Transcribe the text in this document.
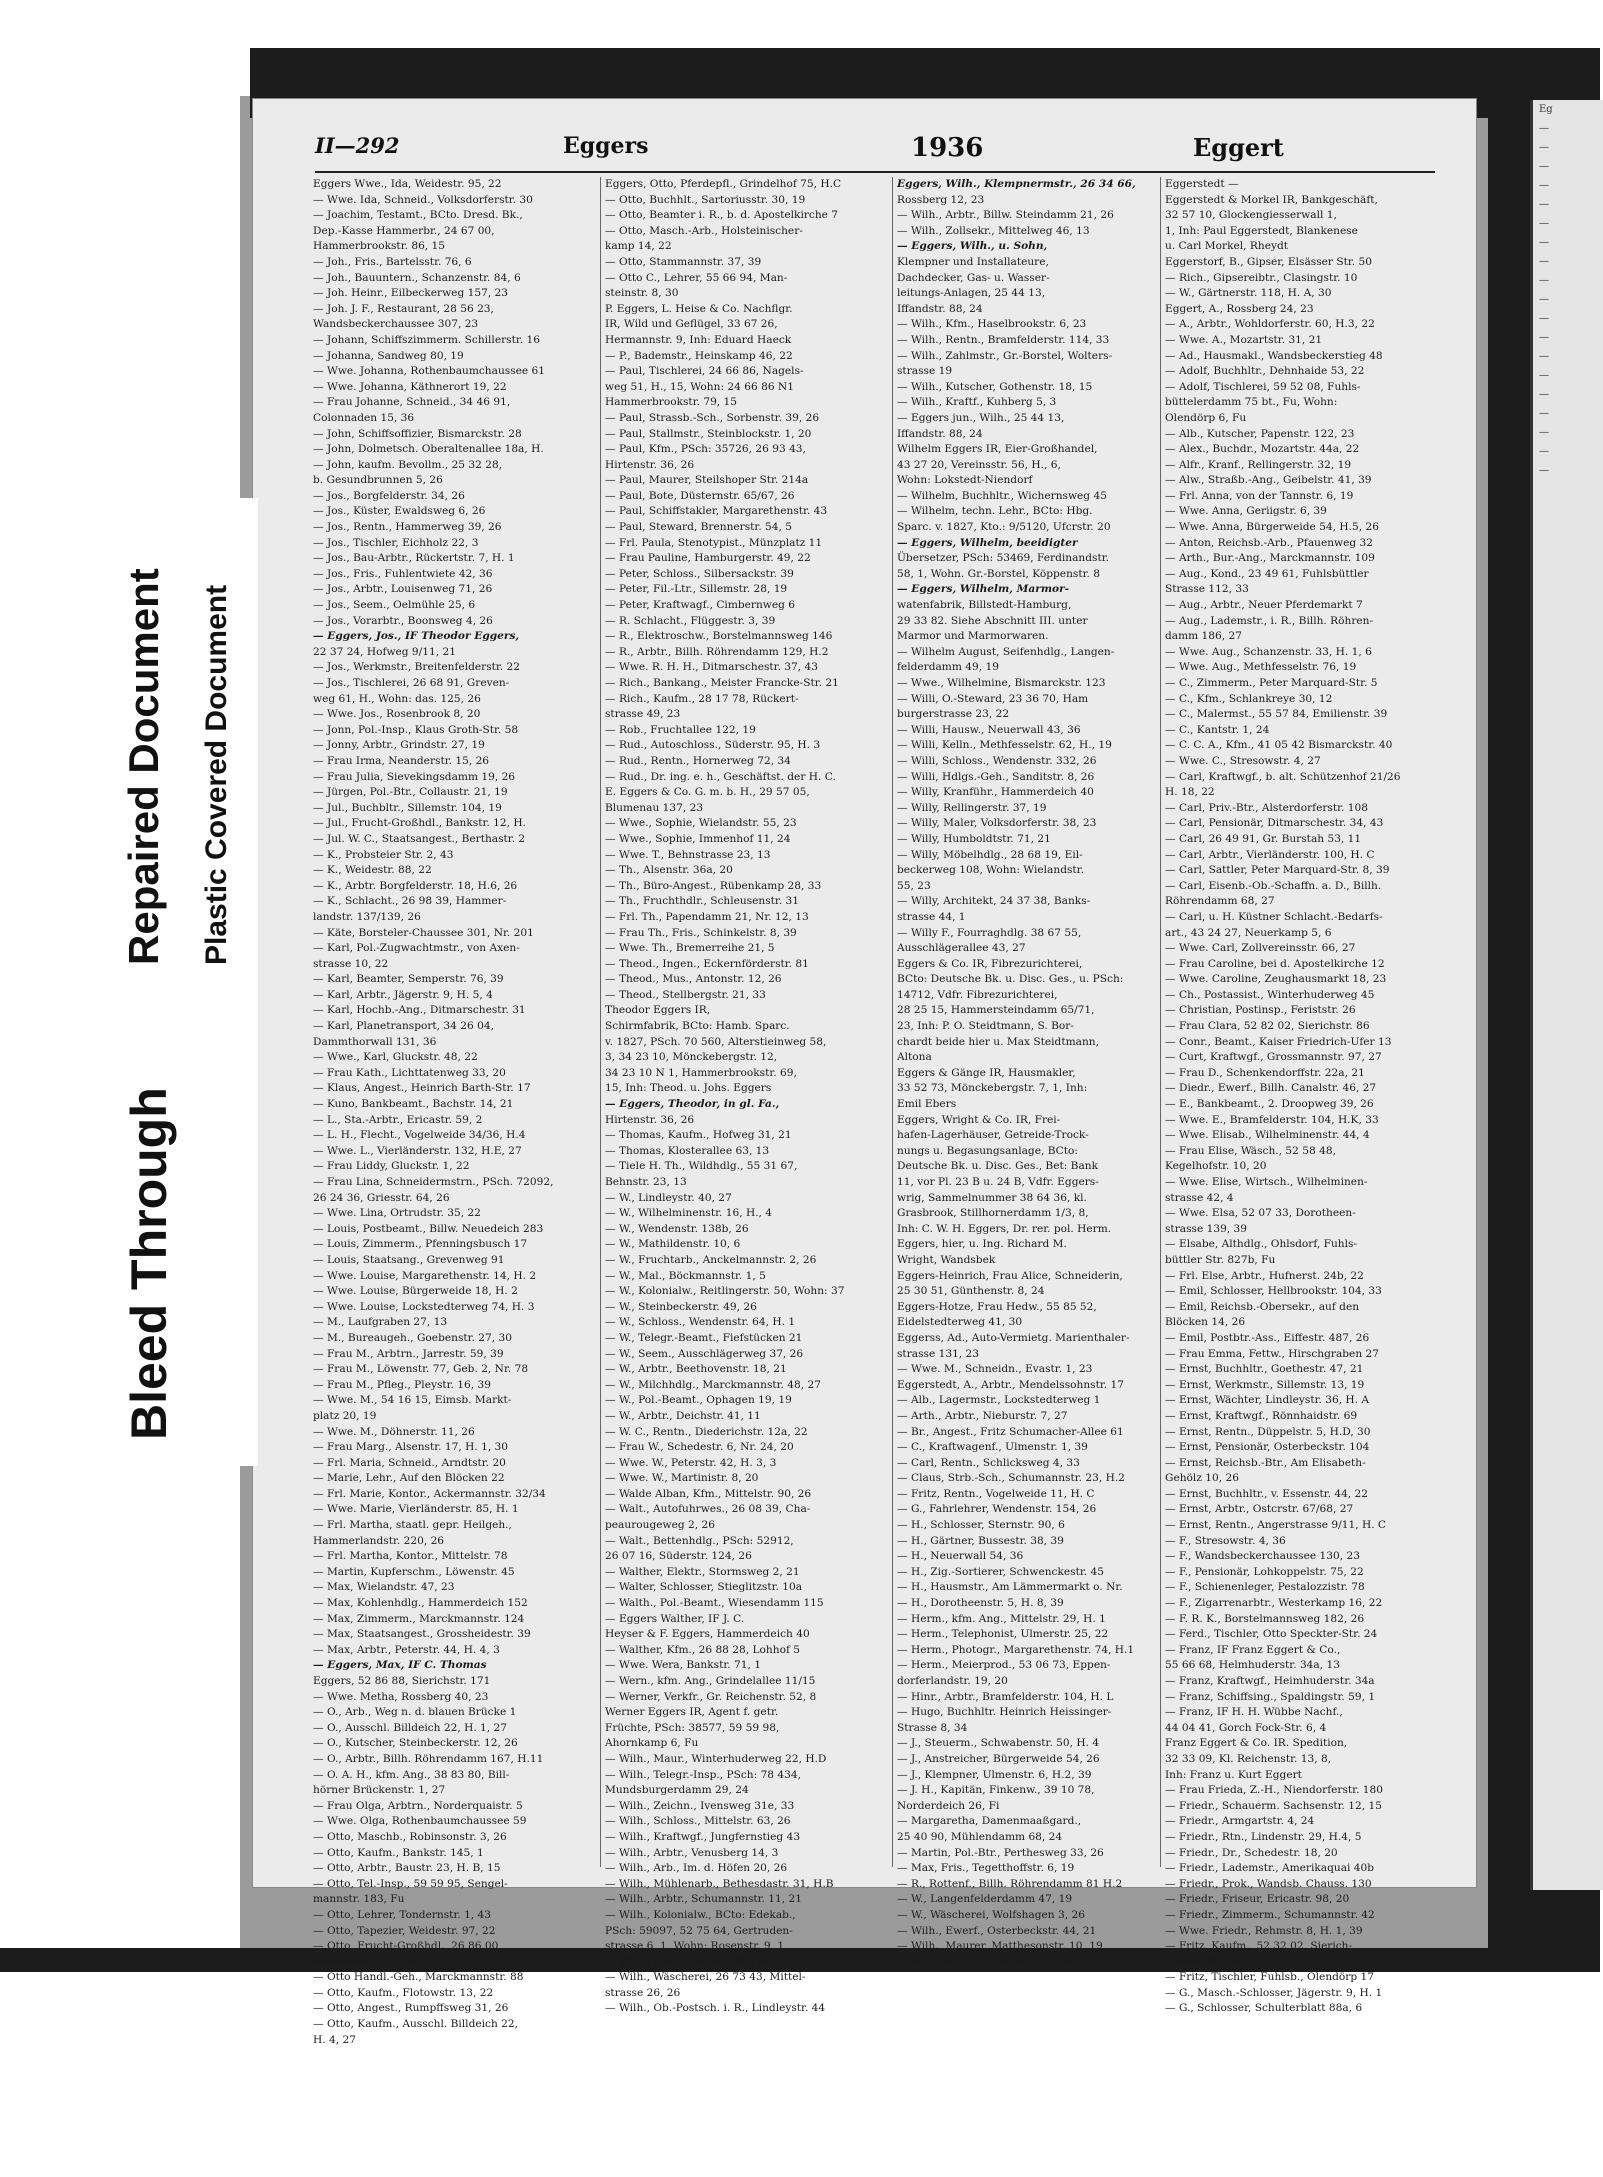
Eg
—
—
—
—
—
—
—
—
—
—
—
—
—
—
—
—
—
—
—
II—292	Eggers	1936	Eggert
Eggers Wwe., Ida, Weidestr. 95, 22
— Wwe. Ida, Schneid., Volksdorferstr. 30
— Joachim, Testamt., BCto. Dresd. Bk.,
Dep.-Kasse Hammerbr., 24 67 00,
Hammerbrookstr. 86, 15
— Joh., Fris., Bartelsstr. 76, 6
— Joh., Bauuntern., Schanzenstr. 84, 6
— Joh. Heinr., Eilbeckerweg 157, 23
— Joh. J. F., Restaurant, 28 56 23,
Wandsbeckerchaussee 307, 23
— Johann, Schiffszimmerm. Schillerstr. 16
— Johanna, Sandweg 80, 19
— Wwe. Johanna, Rothenbaumchaussee 61
— Wwe. Johanna, Käthnerort 19, 22
— Frau Johanne, Schneid., 34 46 91,
Colonnaden 15, 36
— John, Schiffsoffizier, Bismarckstr. 28
— John, Dolmetsch. Oberaltenallee 18a, H.
— John, kaufm. Bevollm., 25 32 28,
b. Gesundbrunnen 5, 26
— Jos., Borgfelderstr. 34, 26
— Jos., Küster, Ewaldsweg 6, 26
— Jos., Rentn., Hammerweg 39, 26
— Jos., Tischler, Eichholz 22, 3
— Jos., Bau-Arbtr., Rückertstr. 7, H. 1
— Jos., Fris., Fuhlentwiete 42, 36
— Jos., Arbtr., Louisenweg 71, 26
— Jos., Seem., Oelmühle 25, 6
— Jos., Vorarbtr., Boonsweg 4, 26
— Eggers, Jos., IF Theodor Eggers,
22 37 24, Hofweg 9/11, 21
— Jos., Werkmstr., Breitenfelderstr. 22
— Jos., Tischlerei, 26 68 91, Greven-
weg 61, H., Wohn: das. 125, 26
— Wwe. Jos., Rosenbrook 8, 20
— Jonn, Pol.-Insp., Klaus Groth-Str. 58
— Jonny, Arbtr., Grindstr. 27, 19
— Frau Irma, Neanderstr. 15, 26
— Frau Julia, Sievekingsdamm 19, 26
— Jürgen, Pol.-Btr., Collaustr. 21, 19
— Jul., Buchbltr., Sillemstr. 104, 19
— Jul., Frucht-Großhdl., Bankstr. 12, H.
— Jul. W. C., Staatsangest., Berthastr. 2
— K., Probsteier Str. 2, 43
— K., Weidestr. 88, 22
— K., Arbtr. Borgfelderstr. 18, H.6, 26
— K., Schlacht., 26 98 39, Hammer-
landstr. 137/139, 26
— Käte, Borsteler-Chaussee 301, Nr. 201
— Karl, Pol.-Zugwachtmstr., von Axen-
strasse 10, 22
— Karl, Beamter, Semperstr. 76, 39
— Karl, Arbtr., Jägerstr. 9, H. 5, 4
— Karl, Hochb.-Ang., Ditmarschestr. 31
— Karl, Planetransport, 34 26 04,
Dammthorwall 131, 36
— Wwe., Karl, Gluckstr. 48, 22
— Frau Kath., Lichttatenweg 33, 20
— Klaus, Angest., Heinrich Barth-Str. 17
— Kuno, Bankbeamt., Bachstr. 14, 21
— L., Sta.-Arbtr., Ericastr. 59, 2
— L. H., Flecht., Vogelweide 34/36, H.4
— Wwe. L., Vierländerstr. 132, H.E, 27
— Frau Liddy, Gluckstr. 1, 22
— Frau Lina, Schneidermstrn., PSch. 72092,
26 24 36, Griesstr. 64, 26
— Wwe. Lina, Ortrudstr. 35, 22
— Louis, Postbeamt., Billw. Neuedeich 283
— Louis, Zimmerm., Pfenningsbusch 17
— Louis, Staatsang., Grevenweg 91
— Wwe. Louise, Margarethenstr. 14, H. 2
— Wwe. Louise, Bürgerweide 18, H. 2
— Wwe. Louise, Lockstedterweg 74, H. 3
— M., Laufgraben 27, 13
— M., Bureaugeh., Goebenstr. 27, 30
— Frau M., Arbtrn., Jarrestr. 59, 39
— Frau M., Löwenstr. 77, Geb. 2, Nr. 78
— Frau M., Pfleg., Pleystr. 16, 39
— Wwe. M., 54 16 15, Eimsb. Markt-
platz 20, 19
— Wwe. M., Döhnerstr. 11, 26
— Frau Marg., Alsenstr. 17, H. 1, 30
— Frl. Maria, Schneid., Arndtstr. 20
— Marie, Lehr., Auf den Blöcken 22
— Frl. Marie, Kontor., Ackermannstr. 32/34
— Wwe. Marie, Vierländerstr. 85, H. 1
— Frl. Martha, staatl. gepr. Heilgeh.,
Hammerlandstr. 220, 26
— Frl. Martha, Kontor., Mittelstr. 78
— Martin, Kupferschm., Löwenstr. 45
— Max, Wielandstr. 47, 23
— Max, Kohlenhdlg., Hammerdeich 152
— Max, Zimmerm., Marckmannstr. 124
— Max, Staatsangest., Grossheidestr. 39
— Max, Arbtr., Peterstr. 44, H. 4, 3
— Eggers, Max, IF C. Thomas
Eggers, 52 86 88, Sierichstr. 171
— Wwe. Metha, Rossberg 40, 23
— O., Arb., Weg n. d. blauen Brücke 1
— O., Ausschl. Billdeich 22, H. 1, 27
— O., Kutscher, Steinbeckerstr. 12, 26
— O., Arbtr., Billh. Röhrendamm 167, H.11
— O. A. H., kfm. Ang., 38 83 80, Bill-
hörner Brückenstr. 1, 27
— Frau Olga, Arbtrn., Norderquaistr. 5
— Wwe. Olga, Rothenbaumchaussee 59
— Otto, Maschb., Robinsonstr. 3, 26
— Otto, Kaufm., Bankstr. 145, 1
— Otto, Arbtr., Baustr. 23, H. B, 15
— Otto, Tel.-Insp., 59 59 95, Sengel-
mannstr. 183, Fu
— Otto, Lehrer, Tondernstr. 1, 43
— Otto, Tapezier, Weidestr. 97, 22
— Otto, Frucht-Großhdl., 26 86 00,
Wendenstr. 221, 26
— Otto Handl.-Geh., Marckmannstr. 88
— Otto, Kaufm., Flotowstr. 13, 22
— Otto, Angest., Rumpffsweg 31, 26
— Otto, Kaufm., Ausschl. Billdeich 22,
H. 4, 27
Eggers, Otto, Pferdepfl., Grindelhof 75, H.C
— Otto, Buchhlt., Sartoriusstr. 30, 19
— Otto, Beamter i. R., b. d. Apostelkirche 7
— Otto, Masch.-Arb., Holsteinischer-
kamp 14, 22
— Otto, Stammannstr. 37, 39
— Otto C., Lehrer, 55 66 94, Man-
steinstr. 8, 30
P. Eggers, L. Heise & Co. Nachflgr.
IR, Wild und Geflügel, 33 67 26,
Hermannstr. 9, Inh: Eduard Haeck
— P., Bademstr., Heinskamp 46, 22
— Paul, Tischlerei, 24 66 86, Nagels-
weg 51, H., 15, Wohn: 24 66 86 N1
Hammerbrookstr. 79, 15
— Paul, Strassb.-Sch., Sorbenstr. 39, 26
— Paul, Stallmstr., Steinblockstr. 1, 20
— Paul, Kfm., PSch: 35726, 26 93 43,
Hirtenstr. 36, 26
— Paul, Maurer, Steilshoper Str. 214a
— Paul, Bote, Düsternstr. 65/67, 26
— Paul, Schiffstakler, Margarethenstr. 43
— Paul, Steward, Brennerstr. 54, 5
— Frl. Paula, Stenotypist., Münzplatz 11
— Frau Pauline, Hamburgerstr. 49, 22
— Peter, Schloss., Silbersackstr. 39
— Peter, Fil.-Ltr., Sillemstr. 28, 19
— Peter, Kraftwagf., Cimbernweg 6
— R. Schlacht., Flüggestr. 3, 39
— R., Elektroschw., Borstelmannsweg 146
— R., Arbtr., Billh. Röhrendamm 129, H.2
— Wwe. R. H. H., Ditmarschestr. 37, 43
— Rich., Bankang., Meister Francke-Str. 21
— Rich., Kaufm., 28 17 78, Rückert-
strasse 49, 23
— Rob., Fruchtallee 122, 19
— Rud., Autoschloss., Süderstr. 95, H. 3
— Rud., Rentn., Hornerweg 72, 34
— Rud., Dr. ing. e. h., Geschäftst. der H. C.
E. Eggers & Co. G. m. b. H., 29 57 05,
Blumenau 137, 23
— Wwe., Sophie, Wielandstr. 55, 23
— Wwe., Sophie, Immenhof 11, 24
— Wwe. T., Behnstrasse 23, 13
— Th., Alsenstr. 36a, 20
— Th., Büro-Angest., Rübenkamp 28, 33
— Th., Fruchthdlr., Schleusenstr. 31
— Frl. Th., Papendamm 21, Nr. 12, 13
— Frau Th., Fris., Schinkelstr. 8, 39
— Wwe. Th., Bremerreihe 21, 5
— Theod., Ingen., Eckernförderstr. 81
— Theod., Mus., Antonstr. 12, 26
— Theod., Stellbergstr. 21, 33
Theodor Eggers IR,
Schirmfabrik, BCto: Hamb. Sparc.
v. 1827, PSch. 70 560, Alterstieinweg 58,
3, 34 23 10, Mönckebergstr. 12,
34 23 10 N 1, Hammerbrookstr. 69,
15, Inh: Theod. u. Johs. Eggers
— Eggers, Theodor, in gl. Fa.,
Hirtenstr. 36, 26
— Thomas, Kaufm., Hofweg 31, 21
— Thomas, Klosterallee 63, 13
— Tiele H. Th., Wildhdlg., 55 31 67,
Behnstr. 23, 13
— W., Lindleystr. 40, 27
— W., Wilhelminenstr. 16, H., 4
— W., Wendenstr. 138b, 26
— W., Mathildenstr. 10, 6
— W., Fruchtarb., Anckelmannstr. 2, 26
— W., Mal., Böckmannstr. 1, 5
— W., Kolonialw., Reitlingerstr. 50, Wohn: 37
— W., Steinbeckerstr. 49, 26
— W., Schloss., Wendenstr. 64, H. 1
— W., Telegr.-Beamt., Fiefstücken 21
— W., Seem., Ausschlägerweg 37, 26
— W., Arbtr., Beethovenstr. 18, 21
— W., Milchhdlg., Marckmannstr. 48, 27
— W., Pol.-Beamt., Ophagen 19, 19
— W., Arbtr., Deichstr. 41, 11
— W. C., Rentn., Diederichstr. 12a, 22
— Frau W., Schedestr. 6, Nr. 24, 20
— Wwe. W., Peterstr. 42, H. 3, 3
— Wwe. W., Martinistr. 8, 20
— Walde Alban, Kfm., Mittelstr. 90, 26
— Walt., Autofuhrwes., 26 08 39, Cha-
peaurougeweg 2, 26
— Walt., Bettenhdlg., PSch: 52912,
26 07 16, Süderstr. 124, 26
— Walther, Elektr., Stormsweg 2, 21
— Walter, Schlosser, Stieglitzstr. 10a
— Walth., Pol.-Beamt., Wiesendamm 115
— Eggers Walther, IF J. C.
Heyser & F. Eggers, Hammerdeich 40
— Walther, Kfm., 26 88 28, Lohhof 5
— Wwe. Wera, Bankstr. 71, 1
— Wern., kfm. Ang., Grindelallee 11/15
— Werner, Verkfr., Gr. Reichenstr. 52, 8
Werner Eggers IR, Agent f. getr.
Früchte, PSch: 38577, 59 59 98,
Ahornkamp 6, Fu
— Wilh., Maur., Winterhuderweg 22, H.D
— Wilh., Telegr.-Insp., PSch: 78 434,
Mundsburgerdamm 29, 24
— Wilh., Zeichn., Ivensweg 31e, 33
— Wilh., Schloss., Mittelstr. 63, 26
— Wilh., Kraftwgf., Jungfernstieg 43
— Wilh., Arbtr., Venusberg 14, 3
— Wilh., Arb., Im. d. Höfen 20, 26
— Wilh., Mühlenarb., Bethesdastr. 31, H.B
— Wilh., Arbtr., Schumannstr. 11, 21
— Wilh., Kolonialw., BCto: Edekab.,
PSch: 59097, 52 75 64, Gertruden-
strasse 6, 1, Wohn: Rosenstr. 9, 1
— Wilh., Postbtr.-Arbtr., Düppelstr. 27
— Wilh., Wäscherei, 26 73 43, Mittel-
strasse 26, 26
— Wilh., Ob.-Postsch. i. R., Lindleystr. 44
Eggers, Wilh., Klempnermstr., 26 34 66,
Rossberg 12, 23
— Wilh., Arbtr., Billw. Steindamm 21, 26
— Wilh., Zollsekr., Mittelweg 46, 13
— Eggers, Wilh., u. Sohn,
Klempner und Installateure,
Dachdecker, Gas- u. Wasser-
leitungs-Anlagen, 25 44 13,
Iffandstr. 88, 24
— Wilh., Kfm., Haselbrookstr. 6, 23
— Wilh., Rentn., Bramfelderstr. 114, 33
— Wilh., Zahlmstr., Gr.-Borstel, Wolters-
strasse 19
— Wilh., Kutscher, Gothenstr. 18, 15
— Wilh., Kraftf., Kuhberg 5, 3
— Eggers jun., Wilh., 25 44 13,
Iffandstr. 88, 24
Wilhelm Eggers IR, Eier-Großhandel,
43 27 20, Vereinsstr. 56, H., 6,
Wohn: Lokstedt-Niendorf
— Wilhelm, Buchhltr., Wichernsweg 45
— Wilhelm, techn. Lehr., BCto: Hbg.
Sparc. v. 1827, Kto.: 9/5120, Ufcrstr. 20
— Eggers, Wilhelm, beeidigter
Übersetzer, PSch: 53469, Ferdinandstr.
58, 1, Wohn. Gr.-Borstel, Köppenstr. 8
— Eggers, Wilhelm, Marmor-
watenfabrik, Billstedt-Hamburg,
29 33 82. Siehe Abschnitt III. unter
Marmor und Marmorwaren.
— Wilhelm August, Seifenhdlg., Langen-
felderdamm 49, 19
— Wwe., Wilhelmine, Bismarckstr. 123
— Willi, O.-Steward, 23 36 70, Ham
burgerstrasse 23, 22
— Willi, Hausw., Neuerwall 43, 36
— Willi, Kelln., Methfesselstr. 62, H., 19
— Willi, Schloss., Wendenstr. 332, 26
— Willi, Hdlgs.-Geh., Sanditstr. 8, 26
— Willy, Kranführ., Hammerdeich 40
— Willy, Rellingerstr. 37, 19
— Willy, Maler, Volksdorferstr. 38, 23
— Willy, Humboldtstr. 71, 21
— Willy, Möbelhdlg., 28 68 19, Eil-
beckerweg 108, Wohn: Wielandstr.
55, 23
— Willy, Architekt, 24 37 38, Banks-
strasse 44, 1
— Willy F., Fourraghdlg. 38 67 55,
Ausschlägerallee 43, 27
Eggers & Co. IR, Fibrezurichterei,
BCto: Deutsche Bk. u. Disc. Ges., u. PSch:
14712, Vdfr. Fibrezurichterei,
28 25 15, Hammersteindamm 65/71,
23, Inh: P. O. Steidtmann, S. Bor-
chardt beide hier u. Max Steidtmann,
Altona
Eggers & Gänge IR, Hausmakler,
33 52 73, Mönckebergstr. 7, 1, Inh:
Emil Ebers
Eggers, Wright & Co. IR, Frei-
hafen-Lagerhäuser, Getreide-Trock-
nungs u. Begasungsanlage, BCto:
Deutsche Bk. u. Disc. Ges., Bet: Bank
11, vor Pl. 23 B u. 24 B, Vdfr. Eggers-
wrig, Sammelnummer 38 64 36, kl.
Grasbrook, Stillhornerdamm 1/3, 8,
Inh: C. W. H. Eggers, Dr. rer. pol. Herm.
Eggers, hier, u. Ing. Richard M.
Wright, Wandsbek
Eggers-Heinrich, Frau Alice, Schneiderin,
25 30 51, Günthenstr. 8, 24
Eggers-Hotze, Frau Hedw., 55 85 52,
Eidelstedterweg 41, 30
Eggerss, Ad., Auto-Vermietg. Marienthaler-
strasse 131, 23
— Wwe. M., Schneidn., Evastr. 1, 23
Eggerstedt, A., Arbtr., Mendelssohnstr. 17
— Alb., Lagermstr., Lockstedterweg 1
— Arth., Arbtr., Nieburstr. 7, 27
— Br., Angest., Fritz Schumacher-Allee 61
— C., Kraftwagenf., Ulmenstr. 1, 39
— Carl, Rentn., Schlicksweg 4, 33
— Claus, Strb.-Sch., Schumannstr. 23, H.2
— Fritz, Rentn., Vogelweide 11, H. C
— G., Fahrlehrer, Wendenstr. 154, 26
— H., Schlosser, Sternstr. 90, 6
— H., Gärtner, Bussestr. 38, 39
— H., Neuerwall 54, 36
— H., Zig.-Sortierer, Schwenckestr. 45
— H., Hausmstr., Am Lämmermarkt o. Nr.
— H., Dorotheenstr. 5, H. 8, 39
— Herm., kfm. Ang., Mittelstr. 29, H. 1
— Herm., Telephonist, Ulmerstr. 25, 22
— Herm., Photogr., Margarethenstr. 74, H.1
— Herm., Meierprod., 53 06 73, Eppen-
dorferlandstr. 19, 20
— Hinr., Arbtr., Bramfelderstr. 104, H. L
— Hugo, Buchhltr. Heinrich Heissinger-
Strasse 8, 34
— J., Steuerm., Schwabenstr. 50, H. 4
— J., Anstreicher, Bürgerweide 54, 26
— J., Klempner, Ulmenstr. 6, H.2, 39
— J. H., Kapitän, Finkenw., 39 10 78,
Norderdeich 26, Fi
— Margaretha, Damenmaaßgard.,
25 40 90, Mühlendamm 68, 24
— Martin, Pol.-Btr., Perthesweg 33, 26
— Max, Fris., Tegetthoffstr. 6, 19
— R., Rottenf., Billh. Röhrendamm 81 H.2
— W., Langenfelderdamm 47, 19
— W., Wäscherei, Wolfshagen 3, 26
— Wilh., Ewerf., Osterbeckstr. 44, 21
— Wilh., Maurer, Matthesonstr. 10, 19
— Willi, Bote, Schinkelstr. 23, 39
Eggerstedt —
Eggerstedt & Morkel IR, Bankgeschäft,
32 57 10, Glockengiesserwall 1,
1, Inh: Paul Eggerstedt, Blankenese
u. Carl Morkel, Rheydt
Eggerstorf, B., Gipser, Elsässer Str. 50
— Rich., Gipsereibtr., Clasingstr. 10
— W., Gärtnerstr. 118, H. A, 30
Eggert, A., Rossberg 24, 23
— A., Arbtr., Wohldorferstr. 60, H.3, 22
— Wwe. A., Mozartstr. 31, 21
— Ad., Hausmakl., Wandsbeckerstieg 48
— Adolf, Buchhltr., Dehnhaide 53, 22
— Adolf, Tischlerei, 59 52 08, Fuhls-
büttelerdamm 75 bt., Fu, Wohn:
Olendörp 6, Fu
— Alb., Kutscher, Papenstr. 122, 23
— Alex., Buchdr., Mozartstr. 44a, 22
— Alfr., Kranf., Rellingerstr. 32, 19
— Alw., Straßb.-Ang., Geibelstr. 41, 39
— Frl. Anna, von der Tannstr. 6, 19
— Wwe. Anna, Geriigstr. 6, 39
— Wwe. Anna, Bürgerweide 54, H.5, 26
— Anton, Reichsb.-Arb., Pfauenweg 32
— Arth., Bur.-Ang., Marckmannstr. 109
— Aug., Kond., 23 49 61, Fuhlsbüttler
Strasse 112, 33
— Aug., Arbtr., Neuer Pferdemarkt 7
— Aug., Lademstr., i. R., Billh. Röhren-
damm 186, 27
— Wwe. Aug., Schanzenstr. 33, H. 1, 6
— Wwe. Aug., Methfesselstr. 76, 19
— C., Zimmerm., Peter Marquard-Str. 5
— C., Kfm., Schlankreye 30, 12
— C., Malermst., 55 57 84, Emilienstr. 39
— C., Kantstr. 1, 24
— C. C. A., Kfm., 41 05 42 Bismarckstr. 40
— Wwe. C., Stresowstr. 4, 27
— Carl, Kraftwgf., b. alt. Schützenhof 21/26
H. 18, 22
— Carl, Priv.-Btr., Alsterdorferstr. 108
— Carl, Pensionär, Ditmarschestr. 34, 43
— Carl, 26 49 91, Gr. Burstah 53, 11
— Carl, Arbtr., Vierländerstr. 100, H. C
— Carl, Sattler, Peter Marquard-Str. 8, 39
— Carl, Eisenb.-Ob.-Schaffn. a. D., Billh.
Röhrendamm 68, 27
— Carl, u. H. Küstner Schlacht.-Bedarfs-
art., 43 24 27, Neuerkamp 5, 6
— Wwe. Carl, Zollvereinsstr. 66, 27
— Frau Caroline, bei d. Apostelkirche 12
— Wwe. Caroline, Zeughausmarkt 18, 23
— Ch., Postassist., Winterhuderweg 45
— Christian, Postinsp., Feriststr. 26
— Frau Clara, 52 82 02, Sierichstr. 86
— Conr., Beamt., Kaiser Friedrich-Ufer 13
— Curt, Kraftwgf., Grossmannstr. 97, 27
— Frau D., Schenkendorffstr. 22a, 21
— Diedr., Ewerf., Billh. Canalstr. 46, 27
— E., Bankbeamt., 2. Droopweg 39, 26
— Wwe. E., Bramfelderstr. 104, H.K, 33
— Wwe. Elisab., Wilhelminenstr. 44, 4
— Frau Elise, Wäsch., 52 58 48,
Kegelhofstr. 10, 20
— Wwe. Elise, Wirtsch., Wilhelminen-
strasse 42, 4
— Wwe. Elsa, 52 07 33, Dorotheen-
strasse 139, 39
— Elsabe, Althdlg., Ohlsdorf, Fuhls-
büttler Str. 827b, Fu
— Frl. Else, Arbtr., Hufnerst. 24b, 22
— Emil, Schlosser, Hellbrookstr. 104, 33
— Emil, Reichsb.-Obersekr., auf den
Blöcken 14, 26
— Emil, Postbtr.-Ass., Eiffestr. 487, 26
— Frau Emma, Fettw., Hirschgraben 27
— Ernst, Buchhltr., Goethestr. 47, 21
— Ernst, Werkmstr., Sillemstr. 13, 19
— Ernst, Wächter, Lindleystr. 36, H. A
— Ernst, Kraftwgf., Rönnhaidstr. 69
— Ernst, Rentn., Düppelstr. 5, H.D, 30
— Ernst, Pensionär, Osterbeckstr. 104
— Ernst, Reichsb.-Btr., Am Elisabeth-
Gehölz 10, 26
— Ernst, Buchhltr., v. Essenstr. 44, 22
— Ernst, Arbtr., Ostcrstr. 67/68, 27
— Ernst, Rentn., Angerstrasse 9/11, H. C
— F., Stresowstr. 4, 36
— F., Wandsbeckerchaussee 130, 23
— F., Pensionär, Lohkoppelstr. 75, 22
— F., Schienenleger, Pestalozzistr. 78
— F., Zigarrenarbtr., Westerkamp 16, 22
— F. R. K., Borstelmannsweg 182, 26
— Ferd., Tischler, Otto Speckter-Str. 24
— Franz, IF Franz Eggert & Co.,
55 66 68, Helmhuderstr. 34a, 13
— Franz, Kraftwgf., Heimhuderstr. 34a
— Franz, Schiffsing., Spaldingstr. 59, 1
— Franz, IF H. H. Wübbe Nachf.,
44 04 41, Gorch Fock-Str. 6, 4
Franz Eggert & Co. IR. Spedition,
32 33 09, Kl. Reichenstr. 13, 8,
Inh: Franz u. Kurt Eggert
— Frau Frieda, Z.-H., Niendorferstr. 180
— Friedr., Schauerm. Sachsenstr. 12, 15
— Friedr., Armgartstr. 4, 24
— Friedr., Rtn., Lindenstr. 29, H.4, 5
— Friedr., Dr., Schedestr. 18, 20
— Friedr., Lademstr., Amerikaquai 40b
— Friedr., Prok., Wandsb. Chauss. 130
— Friedr., Friseur, Ericastr. 98, 20
— Friedr., Zimmerm., Schumannstr. 42
— Wwe. Friedr., Rehmstr. 8, H. 1, 39
— Fritz, Kaufm., 52 32 02, Sierich-
strasse 86, 39
— Fritz, Tischler, Fuhlsb., Olendörp 17
— G., Masch.-Schlosser, Jägerstr. 9, H. 1
— G., Schlosser, Schulterblatt 88a, 6
Bleed Through
Repaired Document Plastic Covered Document
